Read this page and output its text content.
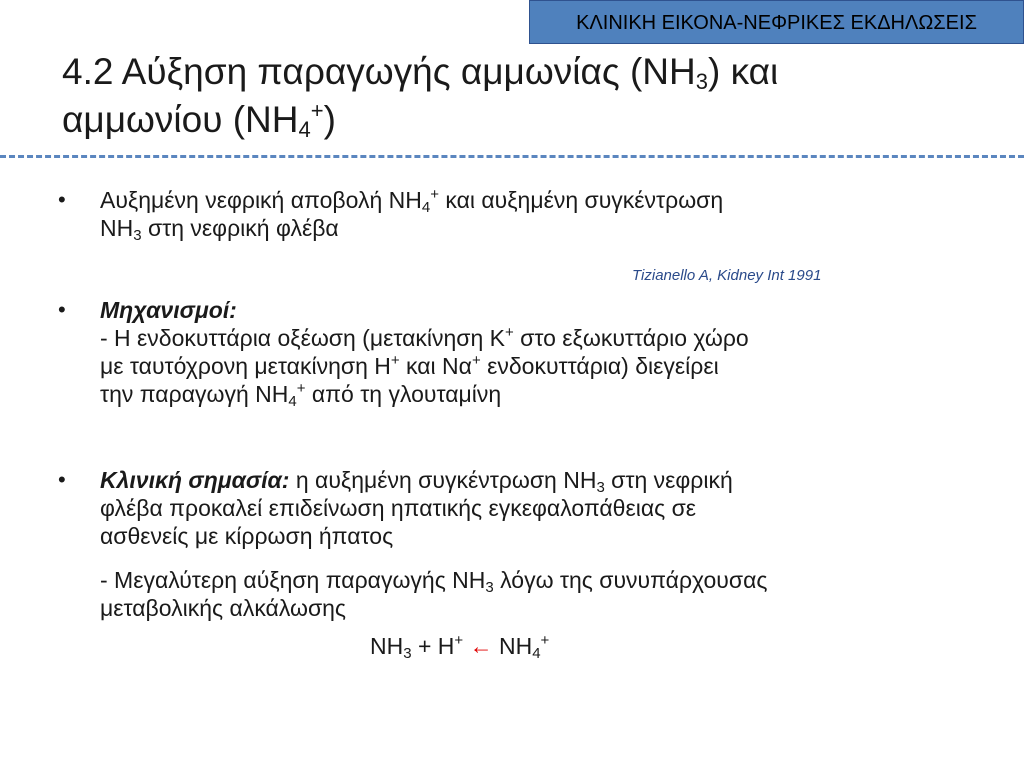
ΚΛΙΝΙΚΗ ΕΙΚΟΝΑ-ΝΕΦΡΙΚΕΣ ΕΚΔΗΛΩΣΕΙΣ
4.2 Αύξηση παραγωγής αμμωνίας $(NH_3)$ και
αμμωνίου $(NH_4^+)$
• Αυξημένη νεφρική αποβολή $NH_4^+$ και αυξημένη συγκέντρωση
$NH_3$ στη νεφρική φλέβα
Tizianello A, Kidney Int 1991
• Μηχανισμοί:
- Η ενδοκυττάρια οξέωση (μετακίνηση Κ+ στο εξωκυττάριο χώρο
με ταυτόχρονη μετακίνηση Η+ και Να+ ενδοκυττάρια) διεγείρει
την παραγωγή $NH_4^+$ από τη γλουταμίνη
• Κλινική σημασία: η αυξημένη συγκέντρωση $NH_3$ στη νεφρική
φλέβα προκαλεί επιδείνωση ηπατικής εγκεφαλοπάθειας σε
ασθενείς με κίρρωση ήπατος
- Μεγαλύτερη αύξηση παραγωγής $NH_3$ λόγω της συνυπάρχουσας
μεταβολικής αλκάλωσης
$NH_3 + H^+$ ← $NH_4^+$
